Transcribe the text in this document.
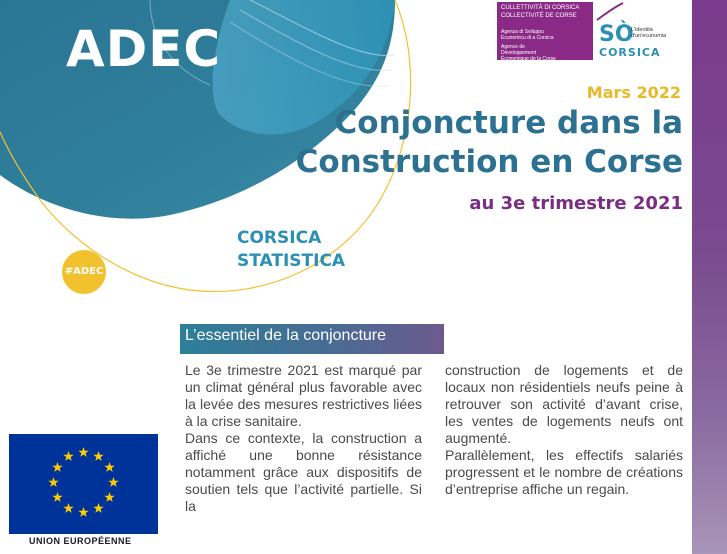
ADEC
CULLETTIVITÀ DI CORSICA
COLLECTIVITÉ DE CORSE
Agenza di Sviluppu Ecunomicu di a Corsica
Agence de Développement Économique de la Corse
SÒ
L'identità d'un'ecunumia
CORSICA
Mars 2022
Conjoncture dans la
Construction en Corse
au 3e trimestre 2021
CORSICA
STATISTICA
#ADEC
L’essentiel de la conjoncture

Le 3e trimestre 2021 est marqué par un climat général plus favorable avec la levée des mesures restrictives liées à la crise sanitaire.

Dans ce contexte, la construction a affiché une bonne résistance notamment grâce aux dispositifs de soutien tels que l’activité partielle. Si la

construction de logements et de locaux non résidentiels neufs peine à retrouver son activité d’avant crise, les ventes de logements neufs ont augmenté.

Parallèlement, les effectifs salariés progressent et le nombre de créations d’entreprise affiche un regain.

UNION EUROPÉENNE
